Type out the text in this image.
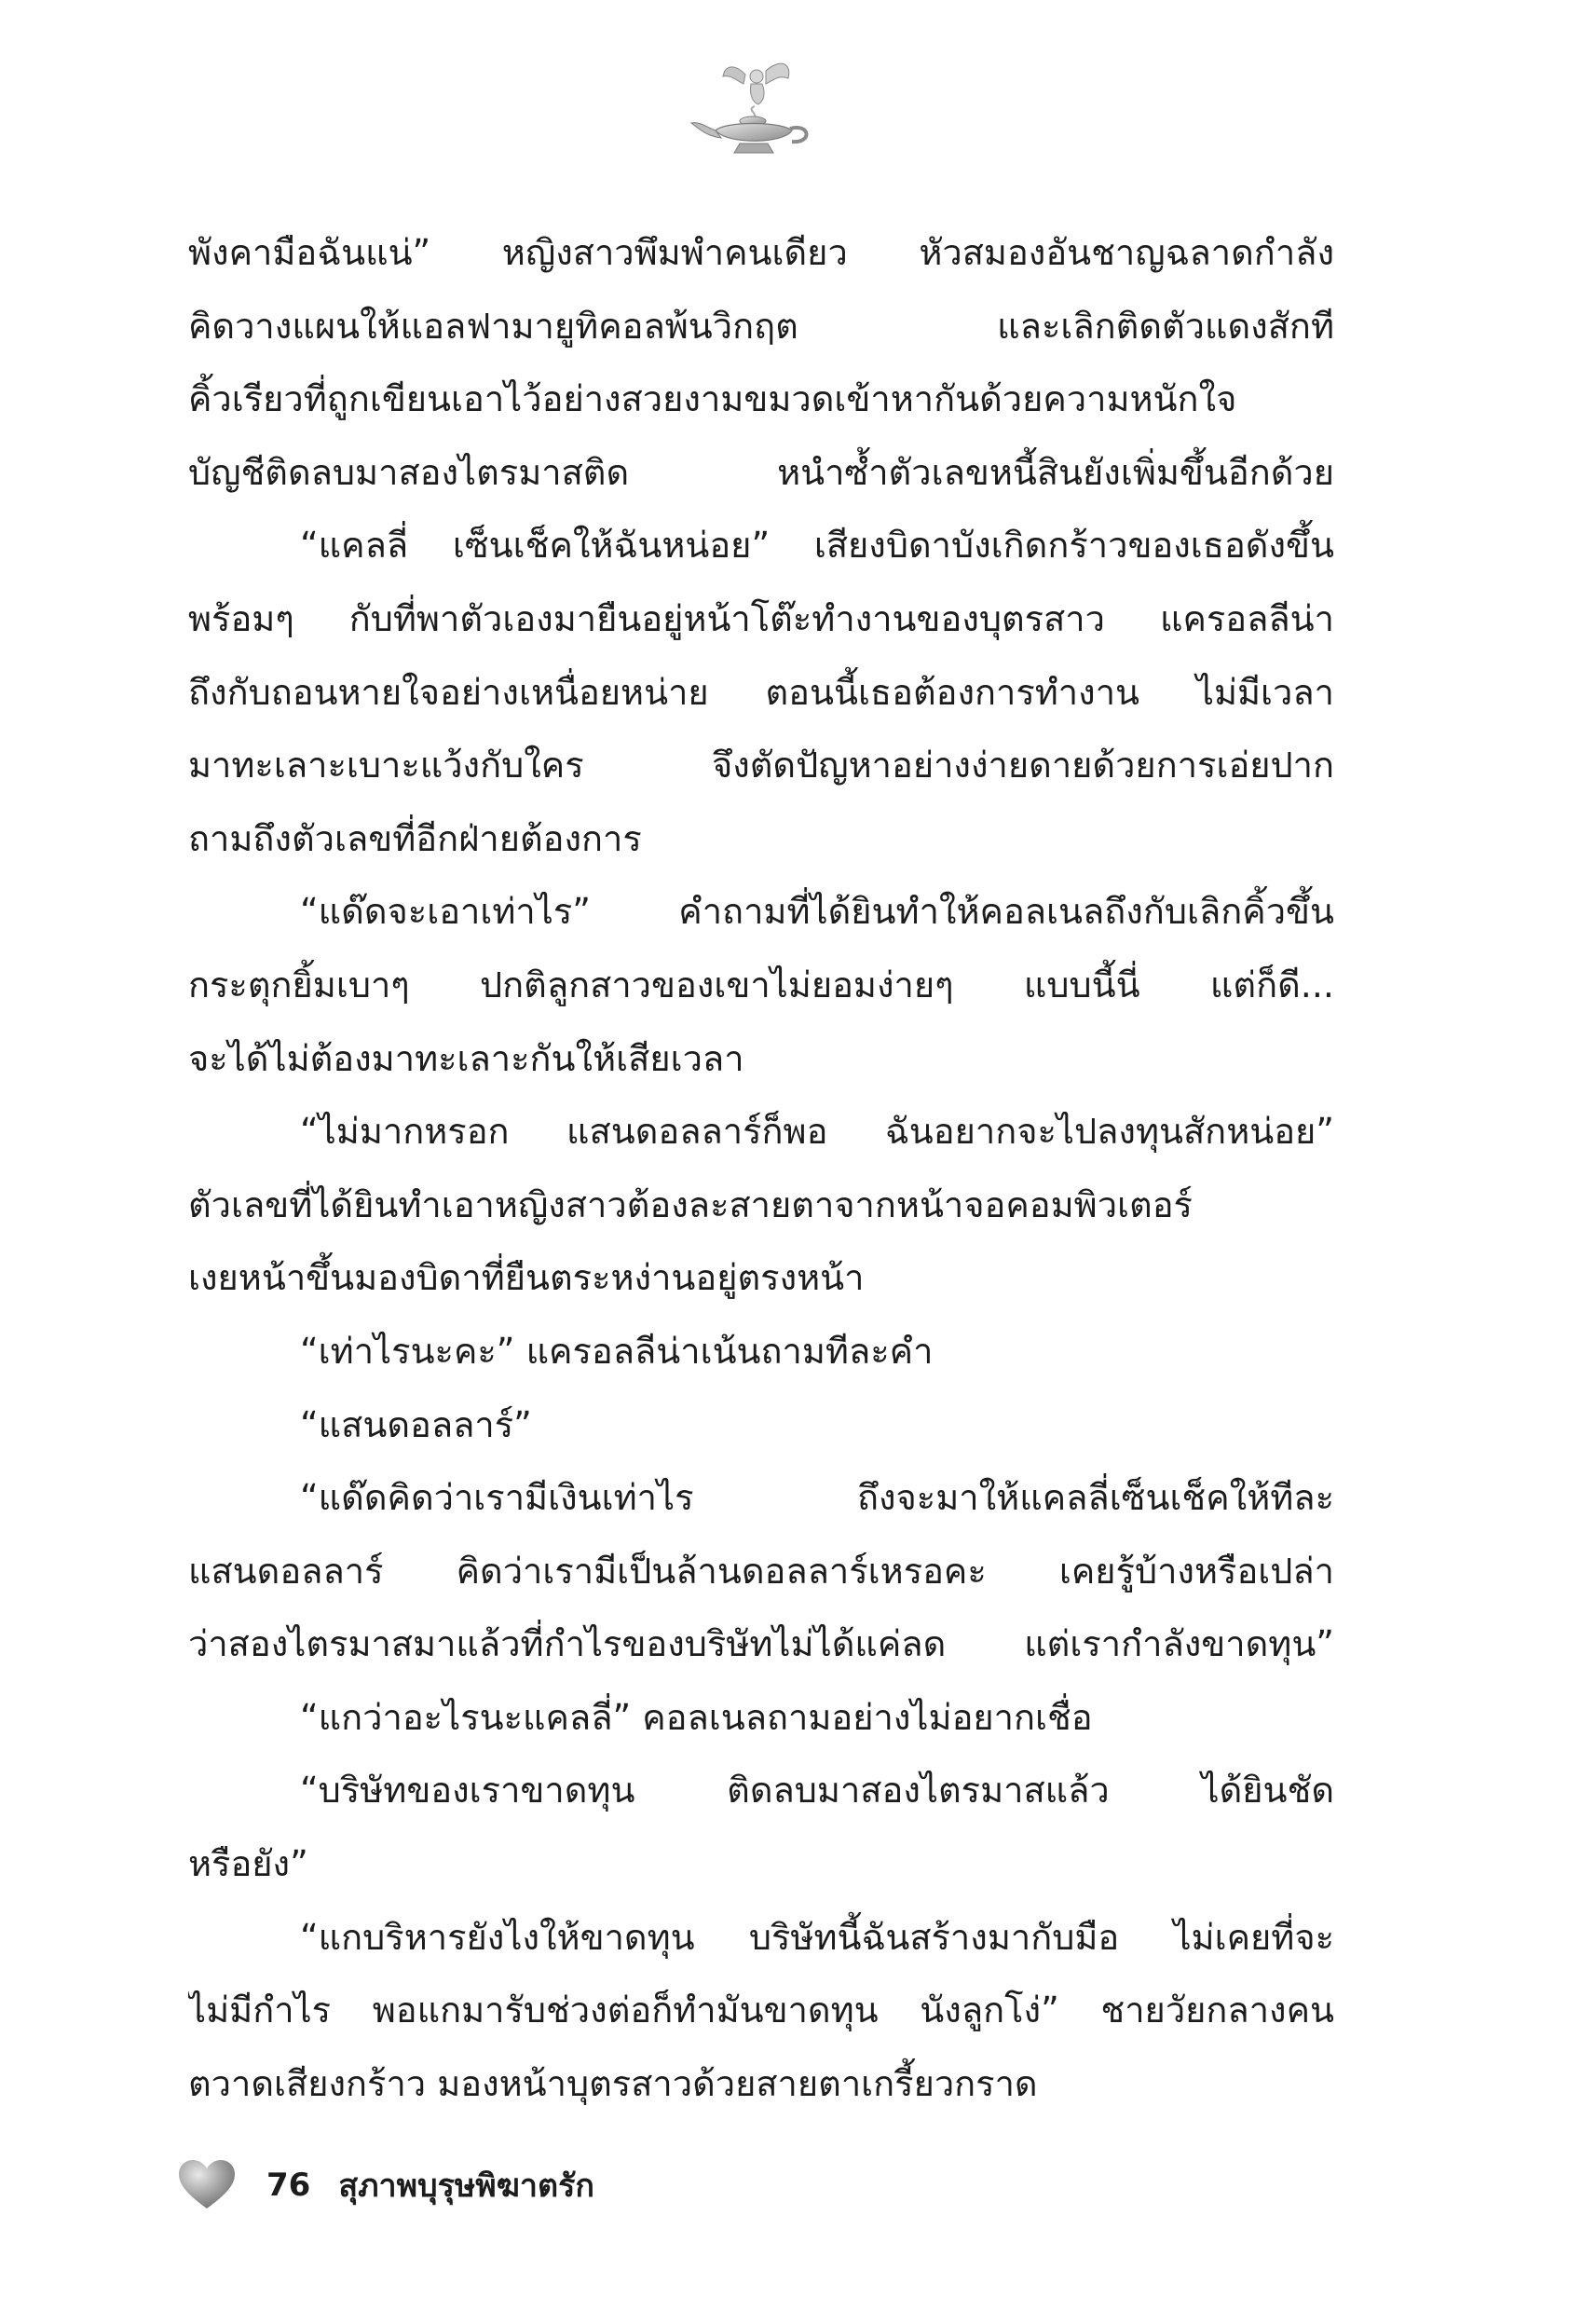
พังคามือฉันแน่” หญิงสาวพึมพำคนเดียว หัวสมองอันชาญฉลาดกำลัง
คิดวางแผนให้แอลฟามายูทิคอลพ้นวิกฤต และเลิกติดตัวแดงสักที
คิ้วเรียวที่ถูกเขียนเอาไว้อย่างสวยงามขมวดเข้าหากันด้วยความหนักใจ
บัญชีติดลบมาสองไตรมาสติด หนำซ้ำตัวเลขหนี้สินยังเพิ่มขึ้นอีกด้วย
“แคลลี่ เซ็นเช็คให้ฉันหน่อย” เสียงบิดาบังเกิดกร้าวของเธอดังขึ้น
พร้อมๆ กับที่พาตัวเองมายืนอยู่หน้าโต๊ะทำงานของบุตรสาว แครอลลีน่า
ถึงกับถอนหายใจอย่างเหนื่อยหน่าย ตอนนี้เธอต้องการทำงาน ไม่มีเวลา
มาทะเลาะเบาะแว้งกับใคร จึงตัดปัญหาอย่างง่ายดายด้วยการเอ่ยปาก
ถามถึงตัวเลขที่อีกฝ่ายต้องการ
“แด๊ดจะเอาเท่าไร” คำถามที่ได้ยินทำให้คอลเนลถึงกับเลิกคิ้วขึ้น
กระตุกยิ้มเบาๆ ปกติลูกสาวของเขาไม่ยอมง่ายๆ แบบนี้นี่ แต่ก็ดี...
จะได้ไม่ต้องมาทะเลาะกันให้เสียเวลา
“ไม่มากหรอก แสนดอลลาร์ก็พอ ฉันอยากจะไปลงทุนสักหน่อย”
ตัวเลขที่ได้ยินทำเอาหญิงสาวต้องละสายตาจากหน้าจอคอมพิวเตอร์
เงยหน้าขึ้นมองบิดาที่ยืนตระหง่านอยู่ตรงหน้า
“เท่าไรนะคะ” แครอลลีน่าเน้นถามทีละคำ
“แสนดอลลาร์”
“แด๊ดคิดว่าเรามีเงินเท่าไร ถึงจะมาให้แคลลี่เซ็นเช็คให้ทีละ
แสนดอลลาร์ คิดว่าเรามีเป็นล้านดอลลาร์เหรอคะ เคยรู้บ้างหรือเปล่า
ว่าสองไตรมาสมาแล้วที่กำไรของบริษัทไม่ได้แค่ลด แต่เรากำลังขาดทุน”
“แกว่าอะไรนะแคลลี่” คอลเนลถามอย่างไม่อยากเชื่อ
“บริษัทของเราขาดทุน ติดลบมาสองไตรมาสแล้ว ได้ยินชัด
หรือยัง”
“แกบริหารยังไงให้ขาดทุน บริษัทนี้ฉันสร้างมากับมือ ไม่เคยที่จะ
ไม่มีกำไร พอแกมารับช่วงต่อก็ทำมันขาดทุน นังลูกโง่” ชายวัยกลางคน
ตวาดเสียงกร้าว มองหน้าบุตรสาวด้วยสายตาเกรี้ยวกราด
76 สุภาพบุรุษพิฆาตรัก
